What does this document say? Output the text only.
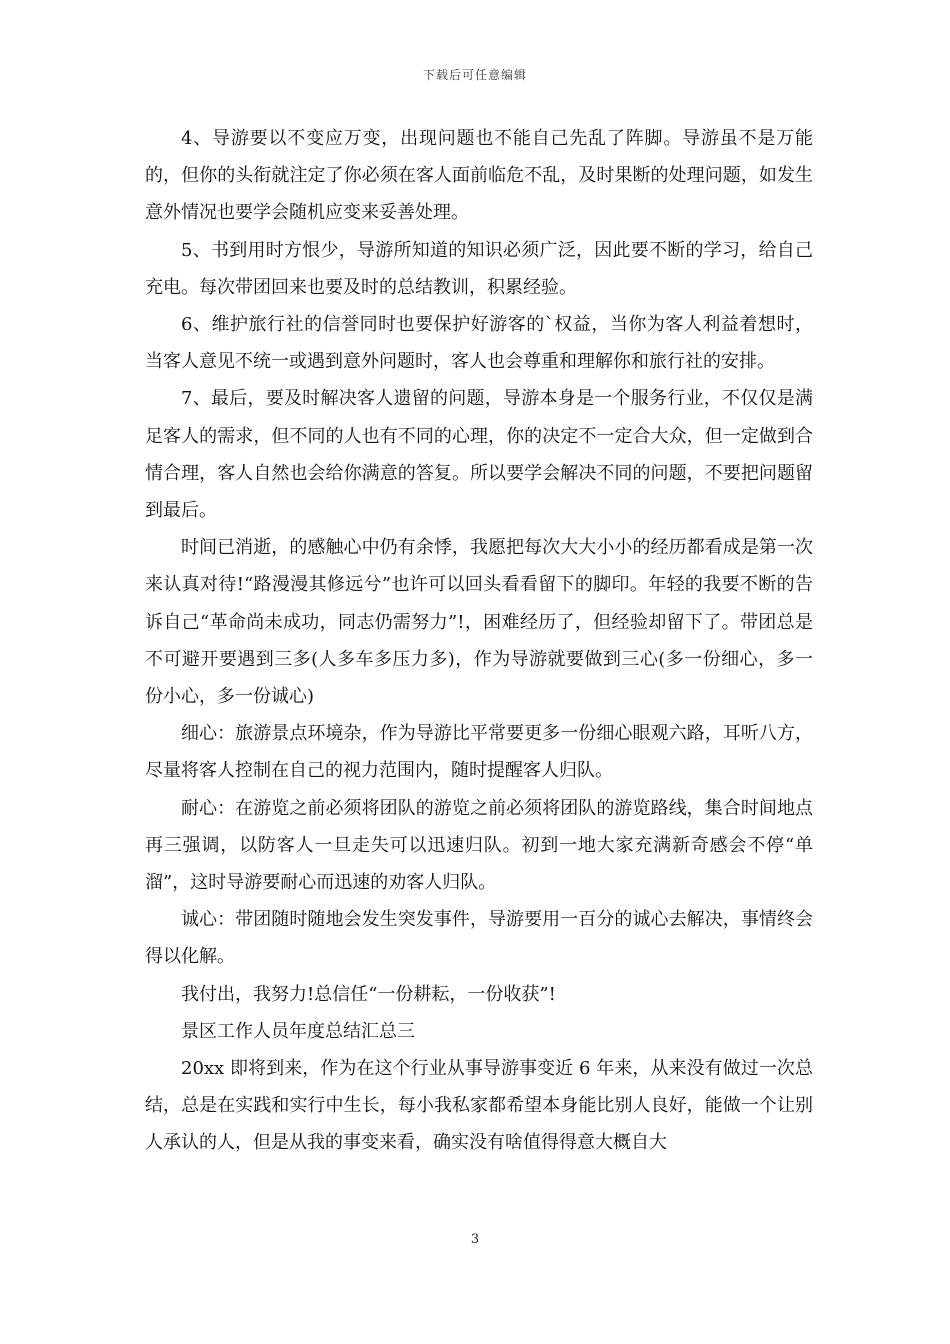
下载后可任意编辑

4、导游要以不变应万变，出现问题也不能自己先乱了阵脚。导游虽不是万能的，但你的头衔就注定了你必须在客人面前临危不乱，及时果断的处理问题，如发生意外情况也要学会随机应变来妥善处理。

5、书到用时方恨少，导游所知道的知识必须广泛，因此要不断的学习，给自己充电。每次带团回来也要及时的总结教训，积累经验。

6、维护旅行社的信誉同时也要保护好游客的`权益，当你为客人利益着想时，当客人意见不统一或遇到意外问题时，客人也会尊重和理解你和旅行社的安排。

7、最后，要及时解决客人遗留的问题，导游本身是一个服务行业，不仅仅是满足客人的需求，但不同的人也有不同的心理，你的决定不一定合大众，但一定做到合情合理，客人自然也会给你满意的答复。所以要学会解决不同的问题，不要把问题留到最后。

时间已消逝，的感触心中仍有余悸，我愿把每次大大小小的经历都看成是第一次来认真对待!“路漫漫其修远兮”也许可以回头看看留下的脚印。年轻的我要不断的告诉自己“革命尚未成功，同志仍需努力”!，困难经历了，但经验却留下了。带团总是不可避开要遇到三多(人多车多压力多)，作为导游就要做到三心(多一份细心，多一份小心，多一份诚心)

细心：旅游景点环境杂，作为导游比平常要更多一份细心眼观六路，耳听八方，尽量将客人控制在自己的视力范围内，随时提醒客人归队。

耐心：在游览之前必须将团队的游览之前必须将团队的游览路线，集合时间地点再三强调，以防客人一旦走失可以迅速归队。初到一地大家充满新奇感会不停“单溜”，这时导游要耐心而迅速的劝客人归队。

诚心：带团随时随地会发生突发事件，导游要用一百分的诚心去解决，事情终会得以化解。

我付出，我努力!总信任“一份耕耘，一份收获”!

景区工作人员年度总结汇总三

20xx 即将到来，作为在这个行业从事导游事变近 6 年来，从来没有做过一次总结，总是在实践和实行中生长，每小我私家都希望本身能比别人良好，能做一个让别人承认的人，但是从我的事变来看，确实没有啥值得得意大概自大

3
